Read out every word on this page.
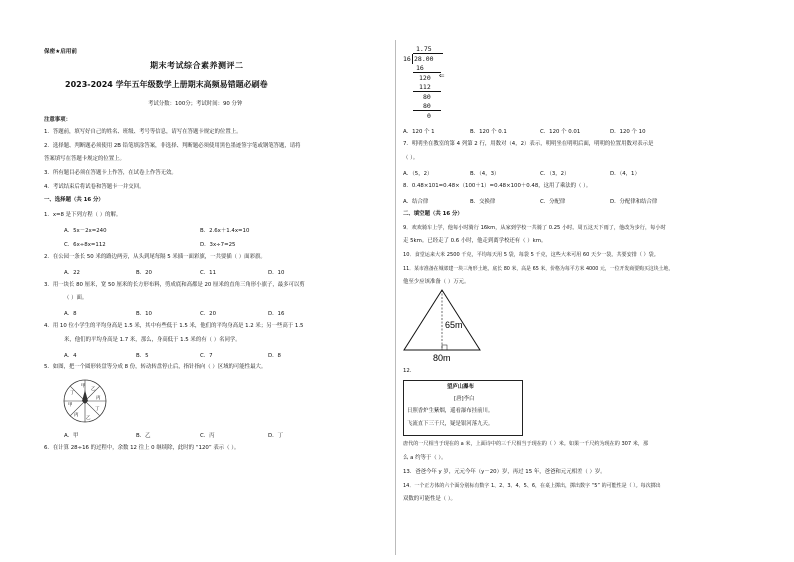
保密★启用前
期末考试综合素养测评二
2023-2024 学年五年级数学上册期末高频易错题必刷卷
考试分数：100分；考试时间：90 分钟
注意事项：
1．答题前，填写好自己的姓名、班级、考号等信息，请写在答题卡规定的位置上。
2．选择题、判断题必须使用 2B 铅笔填涂答案，非选择、判断题必须使用黑色墨迹签字笔或钢笔答题，请将
答案填写在答题卡规定的位置上。
3．所有题目必须在答题卡上作答，在试卷上作答无效。
4．考试结束后将试卷和答题卡一并交回。
一、选择题（共 16 分）
1．x=8 是下列方程（ ）的解。
A．5x－2x=240	B．2.6x＋1.4x=10
C．6x÷8x=112	D．3x÷7=25
2．在公园一条长 50 米的路边两旁，从头到尾每隔 5 米插一面彩旗，一共要插（ ）面彩旗。
A．22	B．20	C．11	D．10
3．用一块长 80 厘米，宽 50 厘米的长方形布料，剪成底和高都是 20 厘米的直角三角形小旗子，最多可以剪
（ ）面。
A．8	B．10	C．20	D．16
4．用 10 位小学生的平均身高是 1.5 米，其中有些低于 1.5 米，他们的平均身高是 1.2 米；另一些高于 1.5
米，他们的平均身高是 1.7 米，那么，身高低于 1.5 米的有（ ）名同学。
A．4	B．5	C．7	D．8
5．如图，把一个圆形转盘等分成 8 份，转动转盘停止后，指针指向（ ）区域的可能性最大。
甲
乙
丙
丁
乙
丙
甲
丁
A．甲	B．乙	C．丙	D．丁
6．在计算 28÷16 的过程中，余数 12 往上 0 继续除，此时的 “120” 表示（ ）。
1.75
16 28.00
16
120 ⇐
112
80
80
0
A．120 个 1	B．120 个 0.1	C．120 个 0.01	D．120 个 10
7．明明坐在教室的第 4 列第 2 行，用数对（4，2）表示，明明坐在明明后面，明明的位置用数对表示是
（ ）。
A．（5，2）	B．（4，3）	C．（3，2）	D．（4，1）
8．0.48×101=0.48×（100＋1）=0.48×100＋0.48，这用了乘法的（ ）。
A．结合律	B．交换律	C．分配律	D．分配律和结合律
二、填空题（共 16 分）
9．欢欢骑车上学，他每小时骑行 16km，从家到学校一共骑了 0.25 小时。周五这天下雨了，他改为步行，每小时
走 5km。已经走了 0.6 小时，他走到离学校还有（ ）km。
10．食堂运来大米 2500 千克，平均每天用 5 袋，每袋 5 千克，这些大米可用 60 天少一袋。共要安排（ ）袋。
11．某市准备在城郊建一块三角形土地，底长 80 米，高是 65 米，价格为每平方米 4000 元，一位开发商要购买这块土地，
他至少应该准备（ ）万元。
65m
80m
12．
望庐山瀑布
[唐]李白
日照香炉生紫烟，遥看瀑布挂前川。
飞流直下三千尺，疑是银河落九天。
唐代的一尺相当于现在的 a 米，上面诗中的三千尺相当于现在的（ ）米。如果一千尺约为现在的 307 米，那
么 a 约等于（ ）。
13．爸爸今年 y 岁，元元今年（y－20）岁，再过 15 年，爸爸和元元相差（ ）岁。
14．一个正方体的六个面分别标有数字 1、2、3、4、5、6，在桌上掷出，掷出数字 “5” 的可能性是（ ）。每次掷出
双数的可能性是（ ）。
